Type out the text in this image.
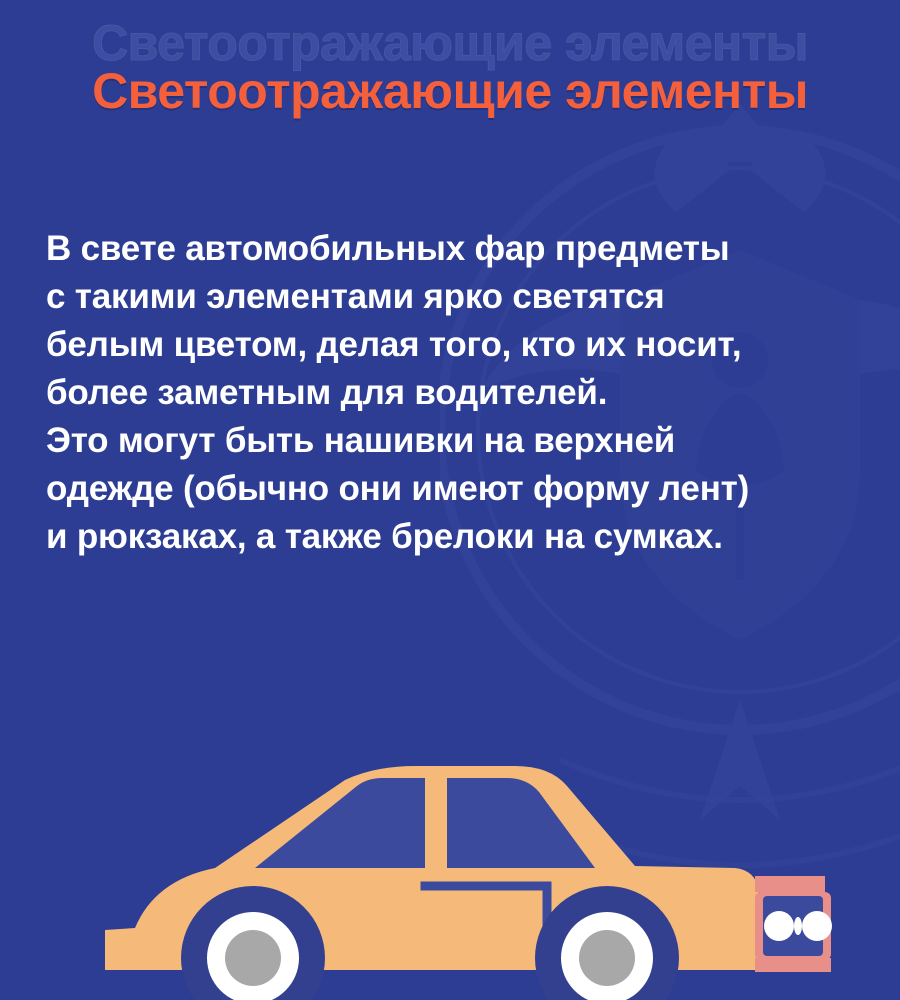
Светоотражающие элементы
Светоотражающие элементы
В свете автомобильных фар предметы
с такими элементами ярко светятся
белым цветом, делая того, кто их носит,
более заметным для водителей.
Это могут быть нашивки на верхней
одежде (обычно они имеют форму лент)
и рюкзаках, а также брелоки на сумках.
